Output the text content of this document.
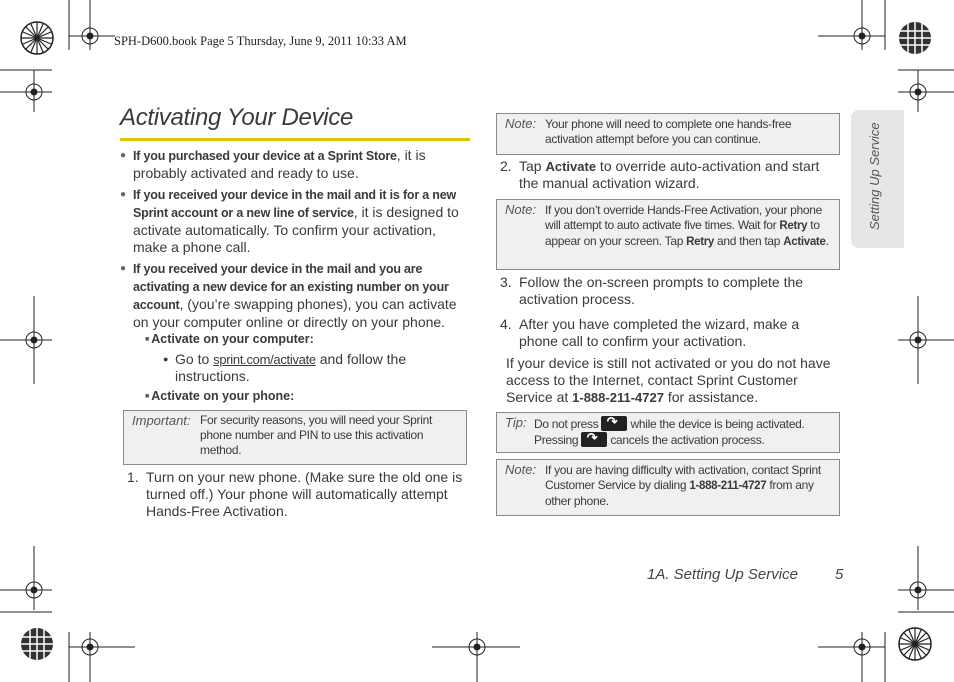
SPH-D600.book Page 5 Thursday, June 9, 2011 10:33 AM
Setting Up Service
Activating Your Device
● If you purchased your device at a Sprint Store, it is probably activated and ready to use.
● If you received your device in the mail and it is for a new Sprint account or a new line of service, it is designed to activate automatically. To confirm your activation, make a phone call.
● If you received your device in the mail and you are activating a new device for an existing number on your account, (you’re swapping phones), you can activate on your computer online or directly on your phone.
■ Activate on your computer:
● Go to sprint.com/activate and follow the instructions.
■ Activate on your phone:
Important: For security reasons, you will need your Sprint phone number and PIN to use this activation method.
1. Turn on your new phone. (Make sure the old one is turned off.) Your phone will automatically attempt Hands-Free Activation.
Note: Your phone will need to complete one hands-free activation attempt before you can continue.
2. Tap Activate to override auto-activation and start the manual activation wizard.
Note: If you don’t override Hands-Free Activation, your phone will attempt to auto activate five times. Wait for Retry to appear on your screen. Tap Retry and then tap Activate.
3. Follow the on-screen prompts to complete the activation process.
4. After you have completed the wizard, make a phone call to confirm your activation.
If your device is still not activated or you do not have access to the Internet, contact Sprint Customer Service at 1-888-211-4727 for assistance.
Tip: Do not press ↶ while the device is being activated. Pressing ↶ cancels the activation process.
Note: If you are having difficulty with activation, contact Sprint Customer Service by dialing 1-888-211-4727 from any other phone.
1A. Setting Up Service 5
